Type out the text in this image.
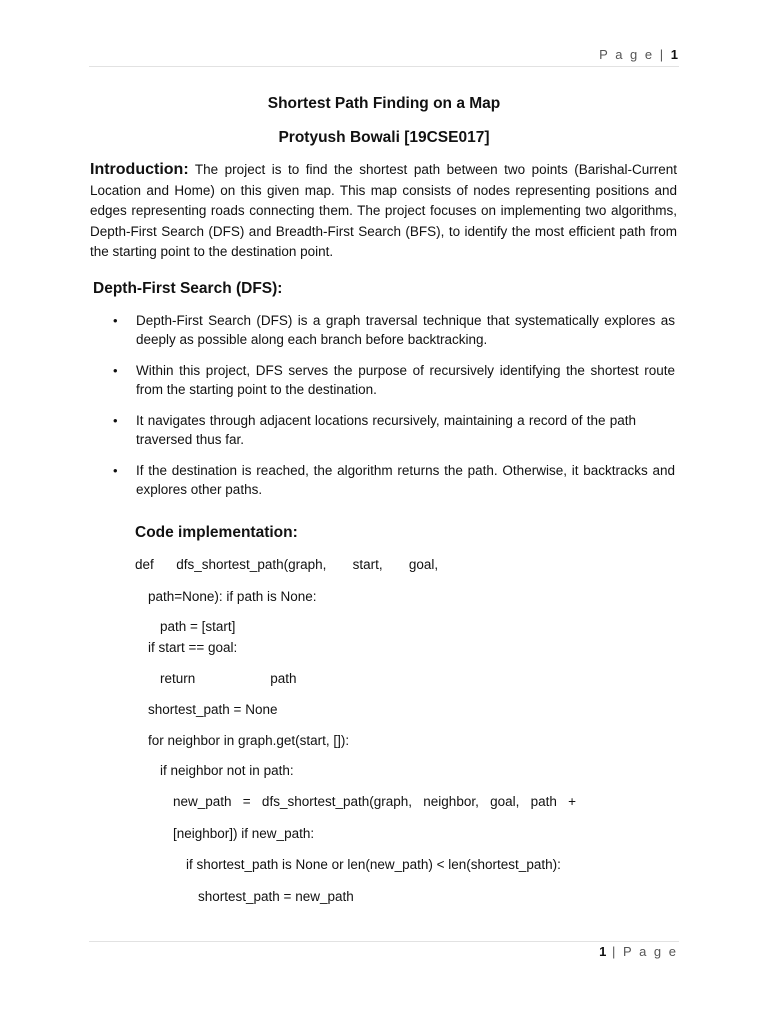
P a g e | 1
Shortest Path Finding on a Map
Protyush Bowali [19CSE017]
Introduction: The project is to find the shortest path between two points (Barishal-Current Location and Home) on this given map. This map consists of nodes representing positions and edges representing roads connecting them. The project focuses on implementing two algorithms, Depth-First Search (DFS) and Breadth-First Search (BFS), to identify the most efficient path from the starting point to the destination point.
Depth-First Search (DFS):
• Depth-First Search (DFS) is a graph traversal technique that systematically explores as deeply as possible along each branch before backtracking.
• Within this project, DFS serves the purpose of recursively identifying the shortest route from the starting point to the destination.
• It navigates through adjacent locations recursively, maintaining a record of the path traversed thus far.
• If the destination is reached, the algorithm returns the path. Otherwise, it backtracks and explores other paths.
Code implementation:
def      dfs_shortest_path(graph,       start,       goal,
path=None): if path is None:
path = [start]
if start == goal:
return                    path
shortest_path = None
for neighbor in graph.get(start, []):
if neighbor not in path:
new_path   =   dfs_shortest_path(graph,   neighbor,   goal,   path   +
[neighbor]) if new_path:
if shortest_path is None or len(new_path) < len(shortest_path):
shortest_path = new_path
1 | P a g e
